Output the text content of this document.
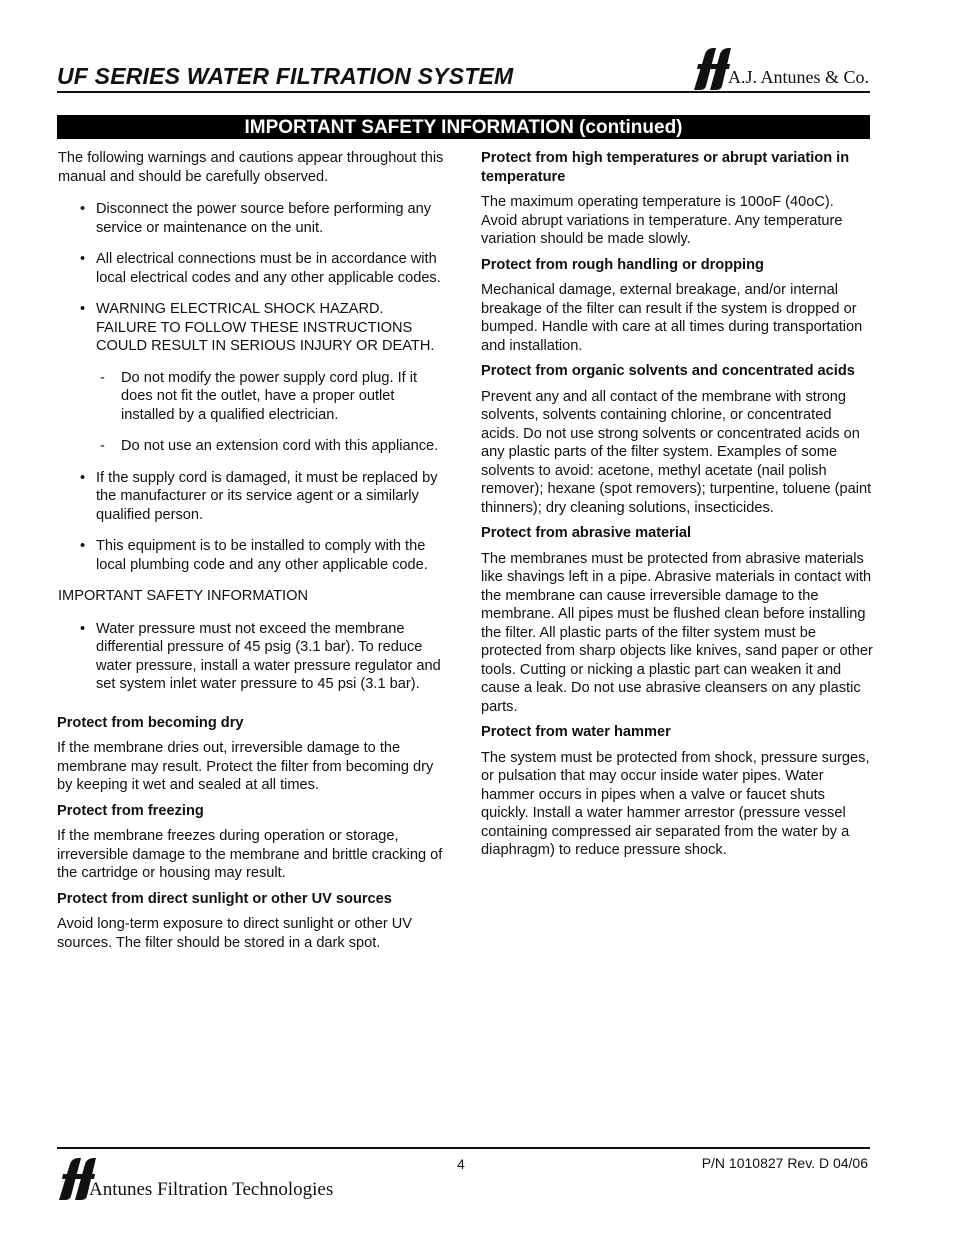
UF SERIES WATER FILTRATION SYSTEM	A.J. Antunes & Co.
IMPORTANT SAFETY INFORMATION (continued)

The following warnings and cautions appear throughout this manual and should be carefully observed.

• Disconnect the power source before performing any service or maintenance on the unit.
• All electrical connections must be in accordance with local electrical codes and any other applicable codes.
• WARNING ELECTRICAL SHOCK HAZARD. FAILURE TO FOLLOW THESE INSTRUCTIONS COULD RESULT IN SERIOUS INJURY OR DEATH.
- Do not modify the power supply cord plug. If it does not fit the outlet, have a proper outlet installed by a qualified electrician.
- Do not use an extension cord with this appliance.
• If the supply cord is damaged, it must be replaced by the manufacturer or its service agent or a similarly qualified person.
• This equipment is to be installed to comply with the local plumbing code and any other applicable code.

IMPORTANT SAFETY INFORMATION

• Water pressure must not exceed the membrane differential pressure of 45 psig (3.1 bar). To reduce water pressure, install a water pressure regulator and set system inlet water pressure to 45 psi (3.1 bar).

Protect from becoming dry

If the membrane dries out, irreversible damage to the membrane may result. Protect the filter from becoming dry by keeping it wet and sealed at all times.

Protect from freezing

If the membrane freezes during operation or storage, irreversible damage to the membrane and brittle cracking of the cartridge or housing may result.

Protect from direct sunlight or other UV sources

Avoid long-term exposure to direct sunlight or other UV sources. The filter should be stored in a dark spot.

Protect from high temperatures or abrupt variation in temperature

The maximum operating temperature is 100oF (40oC). Avoid abrupt variations in temperature. Any temperature variation should be made slowly.

Protect from rough handling or dropping

Mechanical damage, external breakage, and/or internal breakage of the filter can result if the system is dropped or bumped. Handle with care at all times during transportation and installation.

Protect from organic solvents and concentrated acids

Prevent any and all contact of the membrane with strong solvents, solvents containing chlorine, or concentrated acids. Do not use strong solvents or concentrated acids on any plastic parts of the filter system. Examples of some solvents to avoid: acetone, methyl acetate (nail polish remover); hexane (spot removers); turpentine, toluene (paint thinners); dry cleaning solutions, insecticides.

Protect from abrasive material

The membranes must be protected from abrasive materials like shavings left in a pipe. Abrasive materials in contact with the membrane can cause irreversible damage to the membrane. All pipes must be flushed clean before installing the filter. All plastic parts of the filter system must be protected from sharp objects like knives, sand paper or other tools. Cutting or nicking a plastic part can weaken it and cause a leak. Do not use abrasive cleansers on any plastic parts.

Protect from water hammer

The system must be protected from shock, pressure surges, or pulsation that may occur inside water pipes. Water hammer occurs in pipes when a valve or faucet shuts quickly. Install a water hammer arrestor (pressure vessel containing compressed air separated from the water by a diaphragm) to reduce pressure shock.

Antunes Filtration Technologies
4	P/N 1010827 Rev. D 04/06
